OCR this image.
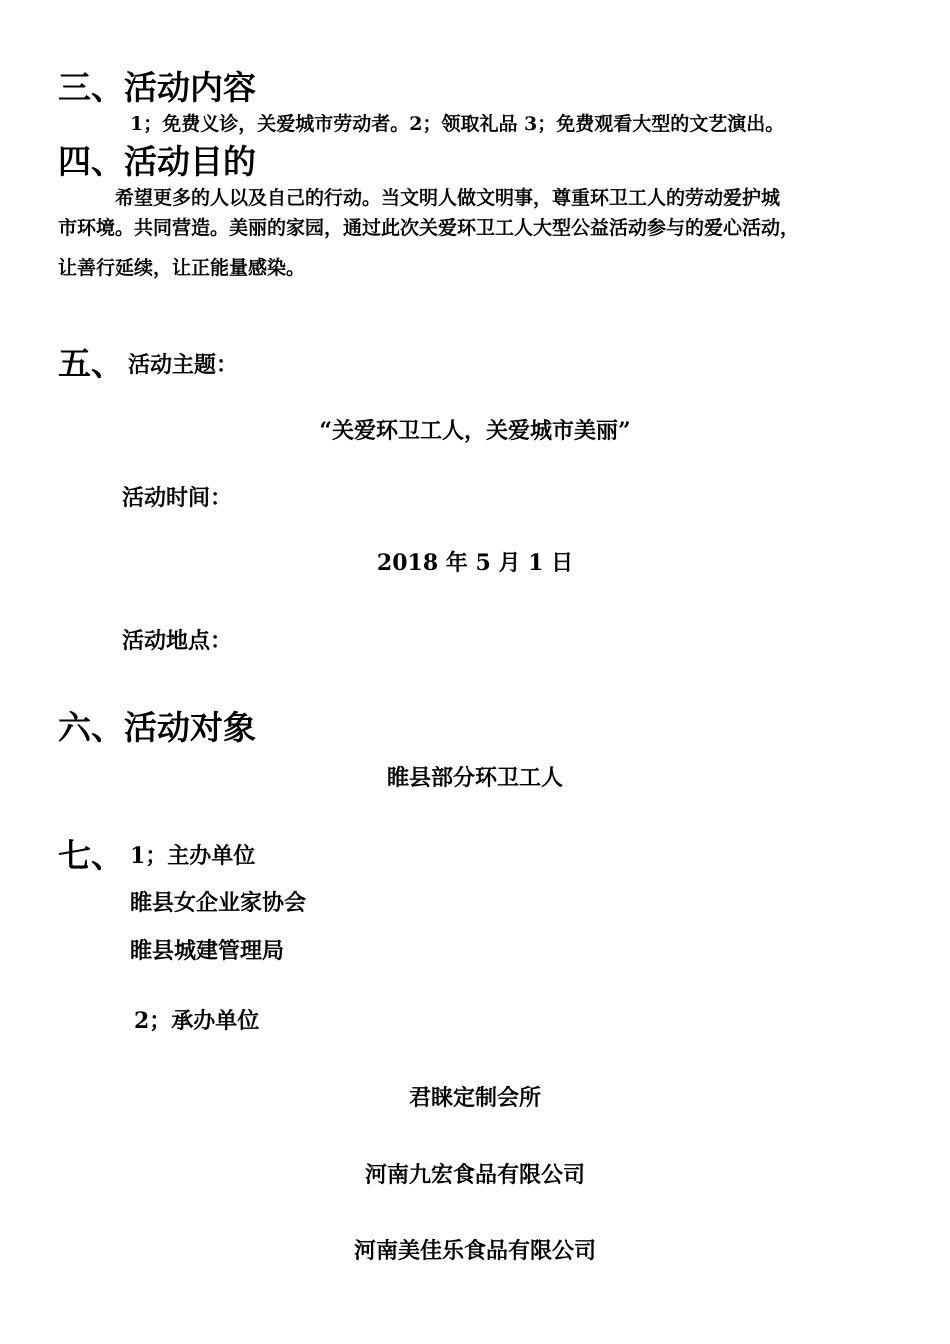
三、活动内容
1；免费义诊，关爱城市劳动者。2；领取礼品 3；免费观看大型的文艺演出。
四、活动目的
　　　希望更多的人以及自己的行动。当文明人做文明事，尊重环卫工人的劳动爱护城
市环境。共同营造。美丽的家园，通过此次关爱环卫工人大型公益活动参与的爱心活动，
让善行延续，让正能量感染。
五、 活动主题：
“关爱环卫工人，关爱城市美丽”
活动时间：
2018 年 5 月 1 日
活动地点：
六、活动对象
睢县部分环卫工人
七、 1；主办单位
睢县女企业家协会
睢县城建管理局
2；承办单位
君睐定制会所
河南九宏食品有限公司
河南美佳乐食品有限公司
